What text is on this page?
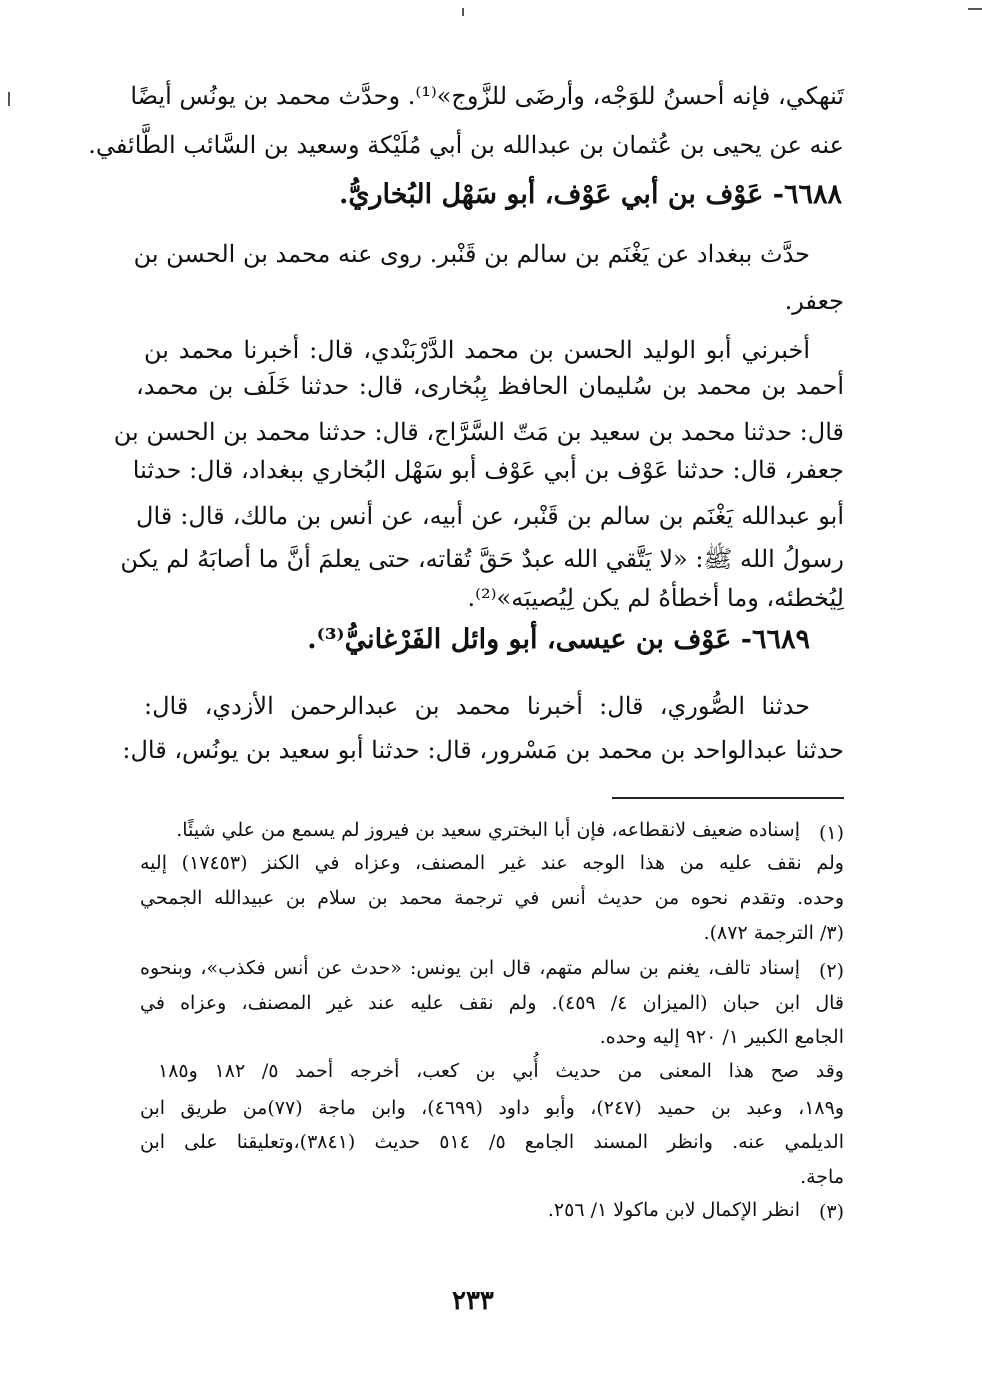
تَنهكي، فإنه أحسنُ للوَجْه، وأرضَى للزَّوج»⁽¹⁾. وحدَّث محمد بن يونُس أيضًا
عنه عن يحيى بن عُثمان بن عبدالله بن أبي مُلَيْكة وسعيد بن السَّائب الطَّائفي.
٦٦٨٨- عَوْف بن أبي عَوْف، أبو سَهْل البُخاريُّ.
حدَّث ببغداد عن يَغْنَم بن سالم بن قَنْبر. روى عنه محمد بن الحسن بن
جعفر.
أخبرني أبو الوليد الحسن بن محمد الدَّرْبَنْدي، قال: أخبرنا محمد بن
أحمد بن محمد بن سُليمان الحافظ بِبُخارى، قال: حدثنا خَلَف بن محمد،
قال: حدثنا محمد بن سعيد بن مَتّ السَّرَّاج، قال: حدثنا محمد بن الحسن بن
جعفر، قال: حدثنا عَوْف بن أبي عَوْف أبو سَهْل البُخاري ببغداد، قال: حدثنا
أبو عبدالله يَغْنَم بن سالم بن قَنْبر، عن أبيه، عن أنس بن مالك، قال: قال
رسولُ الله ﷺ: «لا يَتَّقي الله عبدٌ حَقَّ تُقاته، حتى يعلمَ أنَّ ما أصابَهُ لم يكن
لِيُخطئه، وما أخطأهُ لم يكن لِيُصيبَه»⁽²⁾.
٦٦٨٩- عَوْف بن عيسى، أبو وائل الفَرْغانيُّ⁽³⁾.
حدثنا الصُّوري، قال: أخبرنا محمد بن عبدالرحمن الأزدي، قال:
حدثنا عبدالواحد بن محمد بن مَسْرور، قال: حدثنا أبو سعيد بن يونُس، قال:
(١)
إسناده ضعيف لانقطاعه، فإن أبا البختري سعيد بن فيروز لم يسمع من علي شيئًا.
ولم نقف عليه من هذا الوجه عند غير المصنف، وعزاه في الكنز (١٧٤٥٣) إليه
وحده. وتقدم نحوه من حديث أنس في ترجمة محمد بن سلام بن عبيدالله الجمحي
(٣/ الترجمة ٨٧٢).
(٢)
إسناد تالف، يغنم بن سالم متهم، قال ابن يونس: «حدث عن أنس فكذب»، وبنحوه
قال ابن حبان (الميزان ٤/ ٤٥٩). ولم نقف عليه عند غير المصنف، وعزاه في
الجامع الكبير ١/ ٩٢٠ إليه وحده.
وقد صح هذا المعنى من حديث أُبي بن كعب، أخرجه أحمد ٥/ ١٨٢ و١٨٥
و١٨٩، وعبد بن حميد (٢٤٧)، وأبو داود (٤٦٩٩)، وابن ماجة (٧٧)من طريق ابن
الديلمي عنه. وانظر المسند الجامع ٥/ ٥١٤ حديث (٣٨٤١)،وتعليقنا على ابن
ماجة.
(٣)
انظر الإكمال لابن ماكولا ١/ ٢٥٦.
٢٣٣
